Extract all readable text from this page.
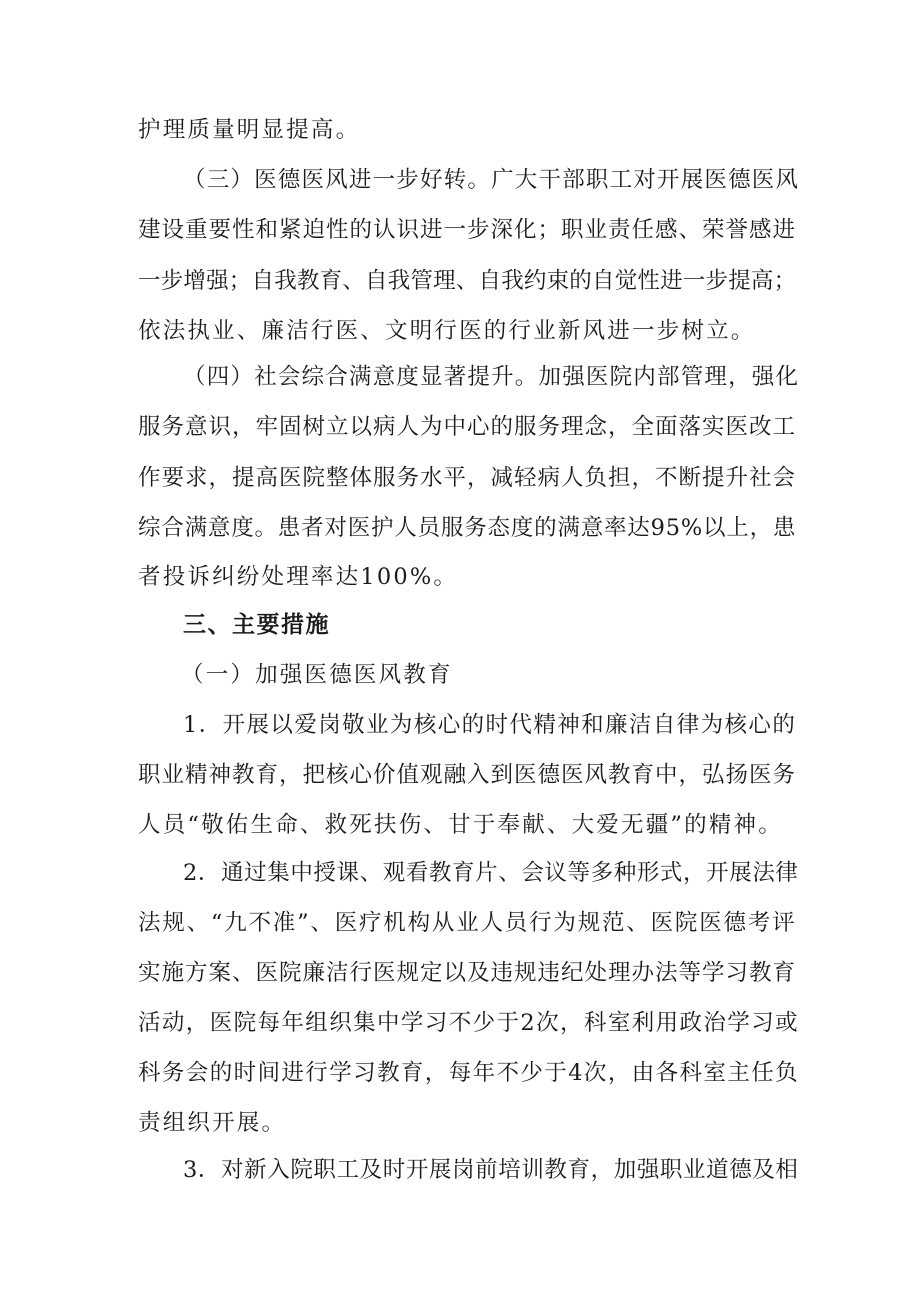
护理质量明显提高。
（三）医德医风进一步好转。广大干部职工对开展医德医风
建设重要性和紧迫性的认识进一步深化；职业责任感、荣誉感进
一步增强；自我教育、自我管理、自我约束的自觉性进一步提高；
依法执业、廉洁行医、文明行医的行业新风进一步树立。
（四）社会综合满意度显著提升。加强医院内部管理，强化
服务意识，牢固树立以病人为中心的服务理念，全面落实医改工
作要求，提高医院整体服务水平，减轻病人负担，不断提升社会
综合满意度。患者对医护人员服务态度的满意率达95%以上，患
者投诉纠纷处理率达100%。
三、主要措施
（一）加强医德医风教育
1．开展以爱岗敬业为核心的时代精神和廉洁自律为核心的
职业精神教育，把核心价值观融入到医德医风教育中，弘扬医务
人员“敬佑生命、救死扶伤、甘于奉献、大爱无疆”的精神。
2．通过集中授课、观看教育片、会议等多种形式，开展法律
法规、“九不准”、医疗机构从业人员行为规范、医院医德考评
实施方案、医院廉洁行医规定以及违规违纪处理办法等学习教育
活动，医院每年组织集中学习不少于2次，科室利用政治学习或
科务会的时间进行学习教育，每年不少于4次，由各科室主任负
责组织开展。
3．对新入院职工及时开展岗前培训教育，加强职业道德及相
